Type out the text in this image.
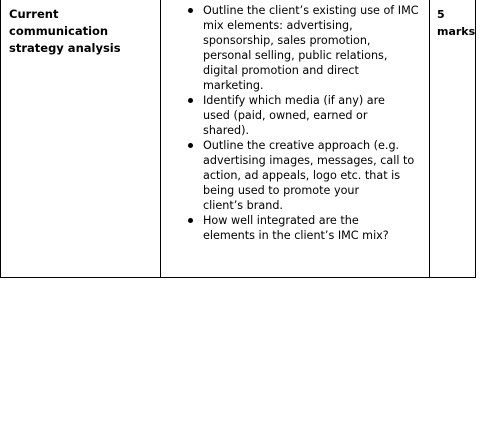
Current communication
strategy analysis
Outline the client’s existing use of IMC
mix elements: advertising,
sponsorship, sales promotion,
personal selling, public relations,
digital promotion and direct
marketing.
Identify which media (if any) are
used (paid, owned, earned or
shared).
Outline the creative approach (e.g.
advertising images, messages, call to
action, ad appeals, logo etc. that is
being used to promote your
client’s brand.
How well integrated are the
elements in the client’s IMC mix?
5
marks
